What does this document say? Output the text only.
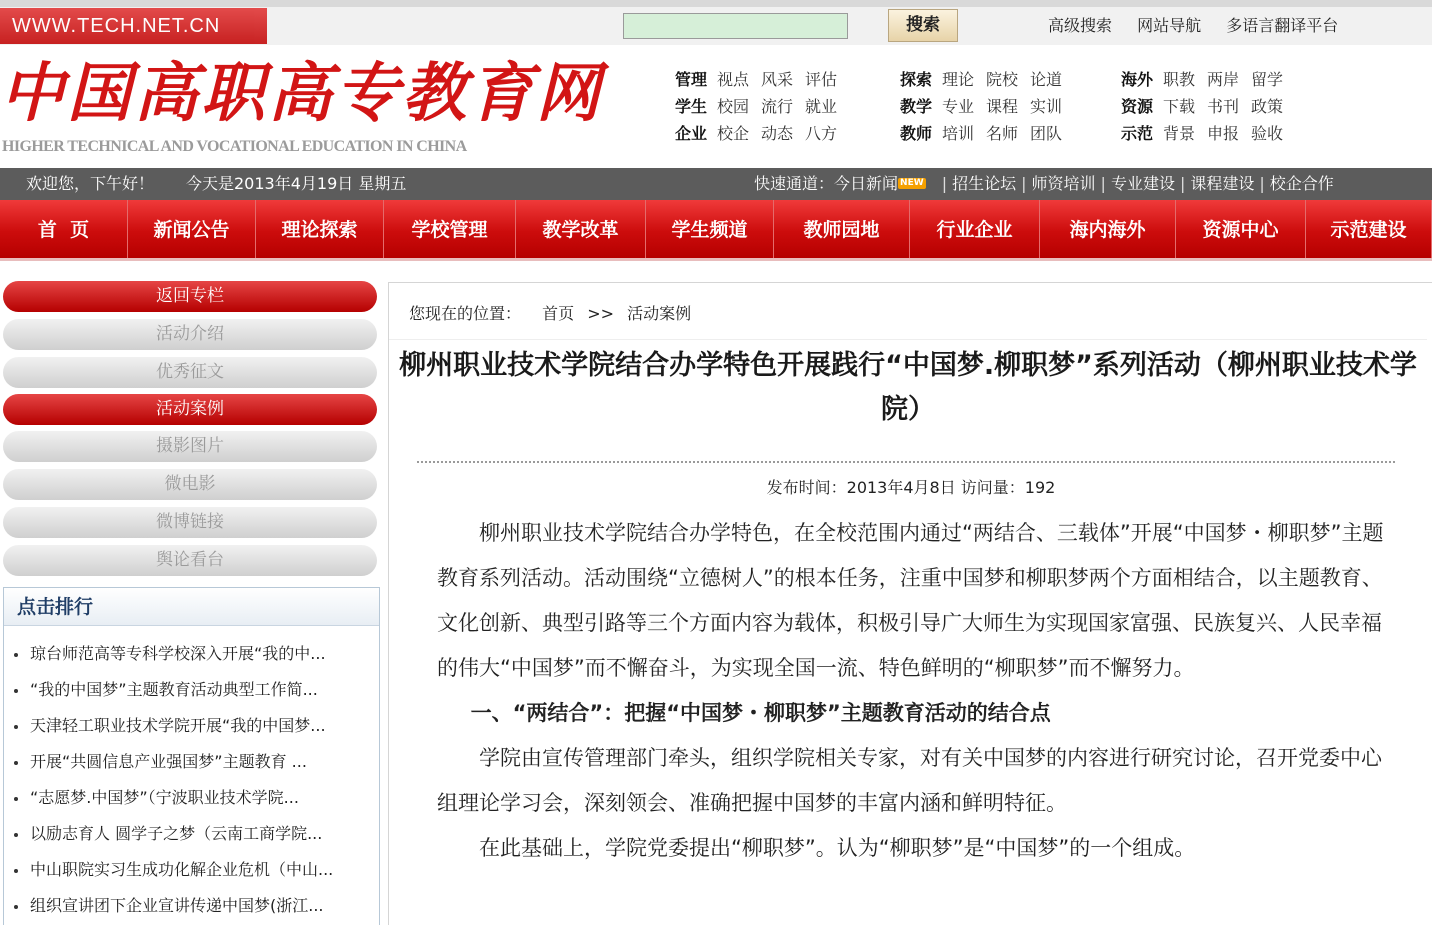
WWW.TECH.NET.CN	搜索	高级搜索 网站导航 多语言翻译平台
中国高职高专教育网
HIGHER TECHNICAL AND VOCATIONAL EDUCATION IN CHINA
管理 视点 风采 评估	探索 理论 院校 论道	海外 职教 两岸 留学
学生 校园 流行 就业	教学 专业 课程 实训	资源 下载 书刊 政策
企业 校企 动态 八方	教师 培训 名师 团队	示范 背景 申报 验收
欢迎您，下午好！ 今天是2013年4月19日 星期五	快速通道：今日新闻 NEW | 招生论坛 | 师资培训 | 专业建设 | 课程建设 | 校企合作
首  页	新闻公告	理论探索	学校管理	教学改革	学生频道	教师园地	行业企业	海内海外	资源中心	示范建设
返回专栏
活动介绍
优秀征文
活动案例
摄影图片
微电影
微博链接
舆论看台
点击排行
琼台师范高等专科学校深入开展“我的中...
“我的中国梦”主题教育活动典型工作简...
天津轻工职业技术学院开展“我的中国梦...
开展“共圆信息产业强国梦”主题教育 ...
“志愿梦.中国梦”（宁波职业技术学院...
以励志育人 圆学子之梦（云南工商学院...
中山职院实习生成功化解企业危机（中山...
组织宣讲团下企业宣讲传递中国梦(浙江...
您现在的位置： 首页 >> 活动案例
柳州职业技术学院结合办学特色开展践行“中国梦.柳职梦”系列活动（柳州职业技术学院）
发布时间：2013年4月8日 访问量：192

柳州职业技术学院结合办学特色，在全校范围内通过“两结合、三载体”开展“中国梦・柳职梦”主题教育系列活动。活动围绕“立德树人”的根本任务，注重中国梦和柳职梦两个方面相结合，以主题教育、文化创新、典型引路等三个方面内容为载体，积极引导广大师生为实现国家富强、民族复兴、人民幸福的伟大“中国梦”而不懈奋斗，为实现全国一流、特色鲜明的“柳职梦”而不懈努力。

一、“两结合”：把握“中国梦・柳职梦”主题教育活动的结合点

学院由宣传管理部门牵头，组织学院相关专家，对有关中国梦的内容进行研究讨论，召开党委中心组理论学习会，深刻领会、准确把握中国梦的丰富内涵和鲜明特征。

在此基础上，学院党委提出“柳职梦”。认为“柳职梦”是“中国梦”的一个组成。
